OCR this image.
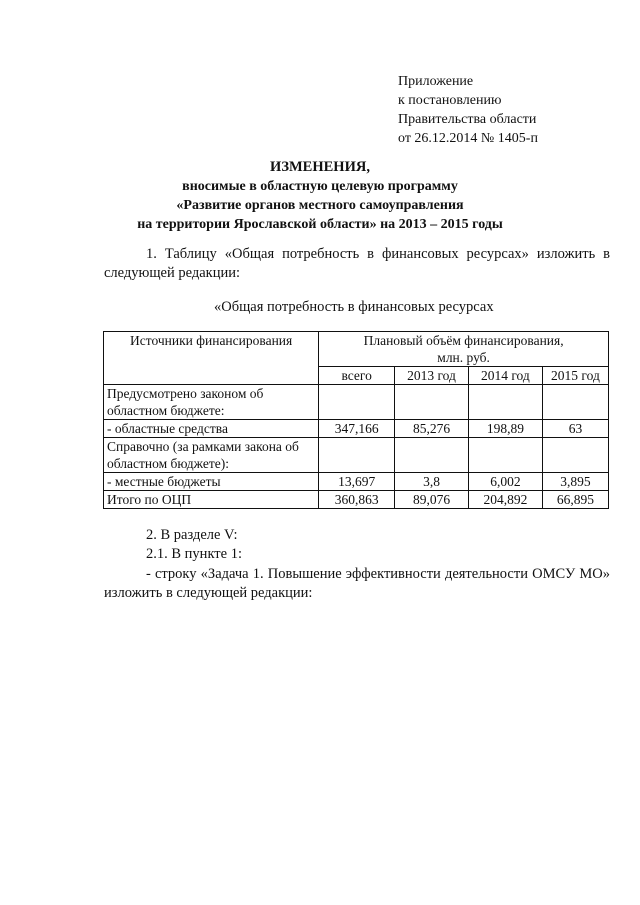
Приложение
к постановлению
Правительства области
от 26.12.2014 № 1405-п
ИЗМЕНЕНИЯ,
вносимые в областную целевую программу
«Развитие органов местного самоуправления
на территории Ярославской области» на 2013 – 2015 годы
1. Таблицу «Общая потребность в финансовых ресурсах» изложить в следующей редакции:
«Общая потребность в финансовых ресурсах
Источники финансирования	Плановый объём финансирования,
млн. руб.			

	всего	2013 год	2014 год	2015 год
Предусмотрено законом об областном бюджете:				
- областные средства	347,166	85,276	198,89	63
Справочно (за рамками закона об областном бюджете):				
- местные бюджеты	13,697	3,8	6,002	3,895
Итого по ОЦП	360,863	89,076	204,892	66,895
2. В разделе V:
2.1. В пункте 1:
- строку «Задача 1. Повышение эффективности деятельности ОМСУ МО» изложить в следующей редакции:
